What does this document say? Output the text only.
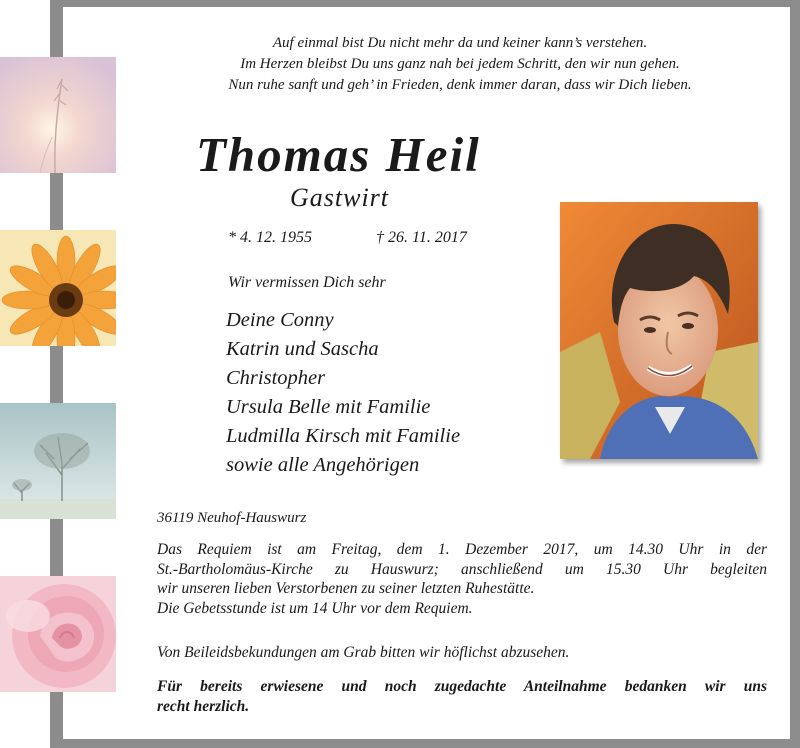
Auf einmal bist Du nicht mehr da und keiner kann’s verstehen.
Im Herzen bleibst Du uns ganz nah bei jedem Schritt, den wir nun gehen.
Nun ruhe sanft und geh’ in Frieden, denk immer daran, dass wir Dich lieben.
Thomas Heil
Gastwirt
* 4. 12. 1955	† 26. 11. 2017
Wir vermissen Dich sehr
Deine Conny
Katrin und Sascha
Christopher
Ursula Belle mit Familie
Ludmilla Kirsch mit Familie
sowie alle Angehörigen
36119 Neuhof-Hauswurz
Das Requiem ist am Freitag, dem 1. Dezember 2017, um 14.30 Uhr in der
St.-Bartholomäus-Kirche zu Hauswurz; anschließend um 15.30 Uhr begleiten
wir unseren lieben Verstorbenen zu seiner letzten Ruhestätte.
Die Gebetsstunde ist um 14 Uhr vor dem Requiem.
Von Beileidsbekundungen am Grab bitten wir höflichst abzusehen.
Für bereits erwiesene und noch zugedachte Anteilnahme bedanken wir uns
recht herzlich.
